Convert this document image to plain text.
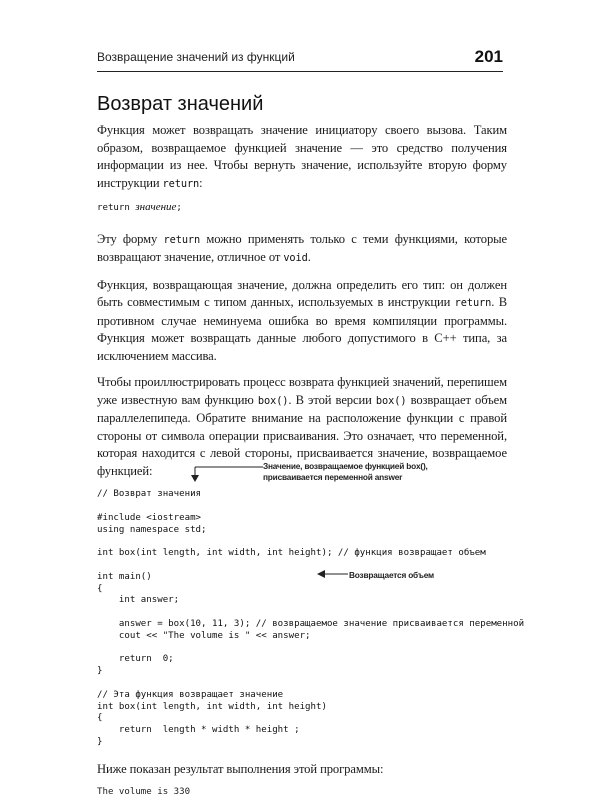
Возвращение значений из функций	201
Возврат значений

Функция может возвращать значение инициатору своего вызова. Таким образом, возвращаемое функцией значение — это средство получения информации из нее. Чтобы вернуть значение, используйте вторую форму инструкции return:

return значение;

Эту форму return можно применять только с теми функциями, которые возвращают значение, отличное от void.

Функция, возвращающая значение, должна определить его тип: он должен быть совместимым с типом данных, используемых в инструкции return. В противном случае неминуема ошибка во время компиляции программы. Функция может возвращать данные любого допустимого в C++ типа, за исключением массива.

Чтобы проиллюстрировать процесс возврата функцией значений, перепишем уже известную вам функцию box(). В этой версии box() возвращает объем параллелепипеда. Обратите внимание на расположение функции с правой стороны от символа операции присваивания. Это означает, что переменной, которая находится с левой стороны, присваивается значение, возвращаемое функцией:

// Возврат значения
#include <iostream>
using namespace std;
int box(int length, int width, int height); // функция возвращает объем
int main()
{
int answer;
answer = box(10, 11, 3); // возвращаемое значение присваивается переменной
cout << "The volume is " << answer;
return  0;
}
// Эта функция возвращает значение
int box(int length, int width, int height)
{
return  length * width * height ;
}

Ниже показан результат выполнения этой программы:

The volume is 330
Значение, возвращаемое функцией box(),
присваивается переменной answer
Возвращается объем
